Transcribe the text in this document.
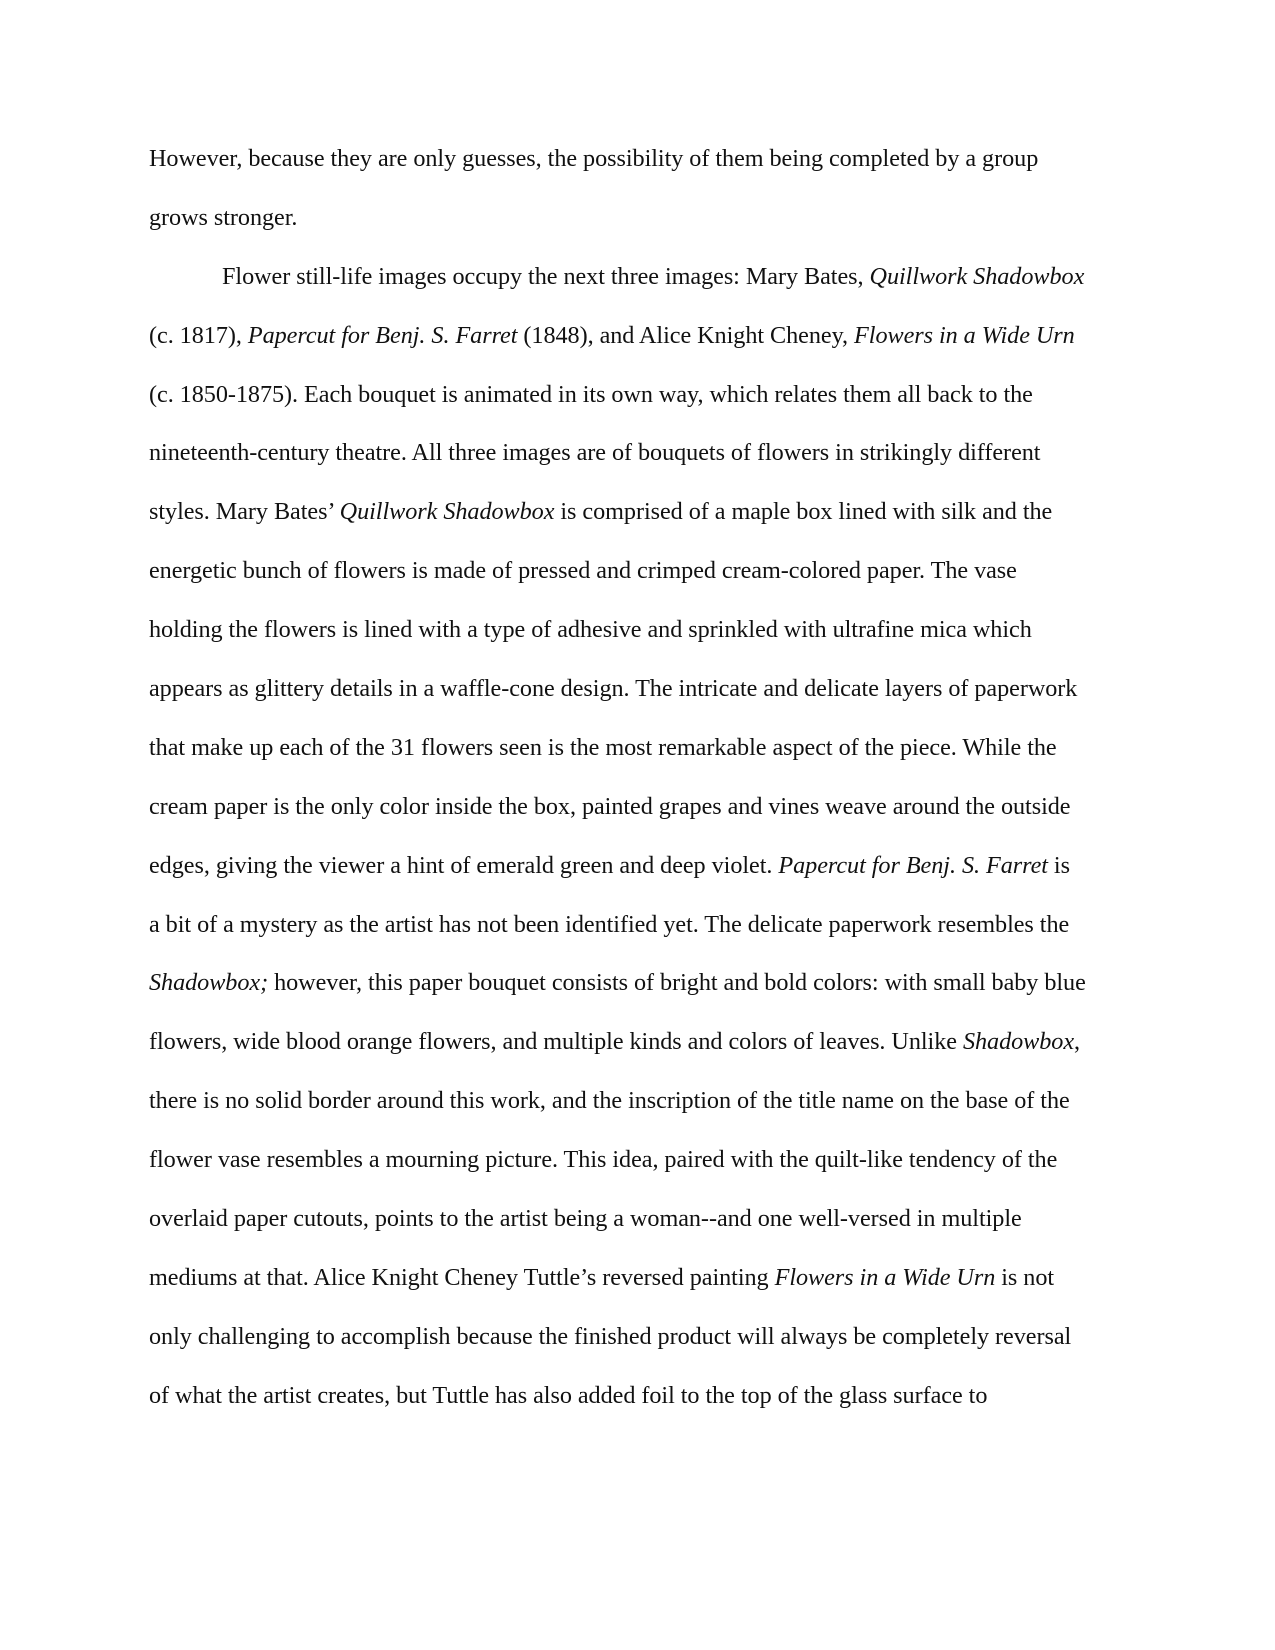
However, because they are only guesses, the possibility of them being completed by a group
grows stronger.
Flower still-life images occupy the next three images: Mary Bates, Quillwork Shadowbox
(c. 1817), Papercut for Benj. S. Farret (1848), and Alice Knight Cheney, Flowers in a Wide Urn
(c. 1850-1875). Each bouquet is animated in its own way, which relates them all back to the
nineteenth-century theatre. All three images are of bouquets of flowers in strikingly different
styles. Mary Bates’ Quillwork Shadowbox is comprised of a maple box lined with silk and the
energetic bunch of flowers is made of pressed and crimped cream-colored paper. The vase
holding the flowers is lined with a type of adhesive and sprinkled with ultrafine mica which
appears as glittery details in a waffle-cone design. The intricate and delicate layers of paperwork
that make up each of the 31 flowers seen is the most remarkable aspect of the piece. While the
cream paper is the only color inside the box, painted grapes and vines weave around the outside
edges, giving the viewer a hint of emerald green and deep violet. Papercut for Benj. S. Farret is
a bit of a mystery as the artist has not been identified yet. The delicate paperwork resembles the
Shadowbox; however, this paper bouquet consists of bright and bold colors: with small baby blue
flowers, wide blood orange flowers, and multiple kinds and colors of leaves. Unlike Shadowbox,
there is no solid border around this work, and the inscription of the title name on the base of the
flower vase resembles a mourning picture. This idea, paired with the quilt-like tendency of the
overlaid paper cutouts, points to the artist being a woman--and one well-versed in multiple
mediums at that. Alice Knight Cheney Tuttle’s reversed painting Flowers in a Wide Urn is not
only challenging to accomplish because the finished product will always be completely reversal
of what the artist creates, but Tuttle has also added foil to the top of the glass surface to
